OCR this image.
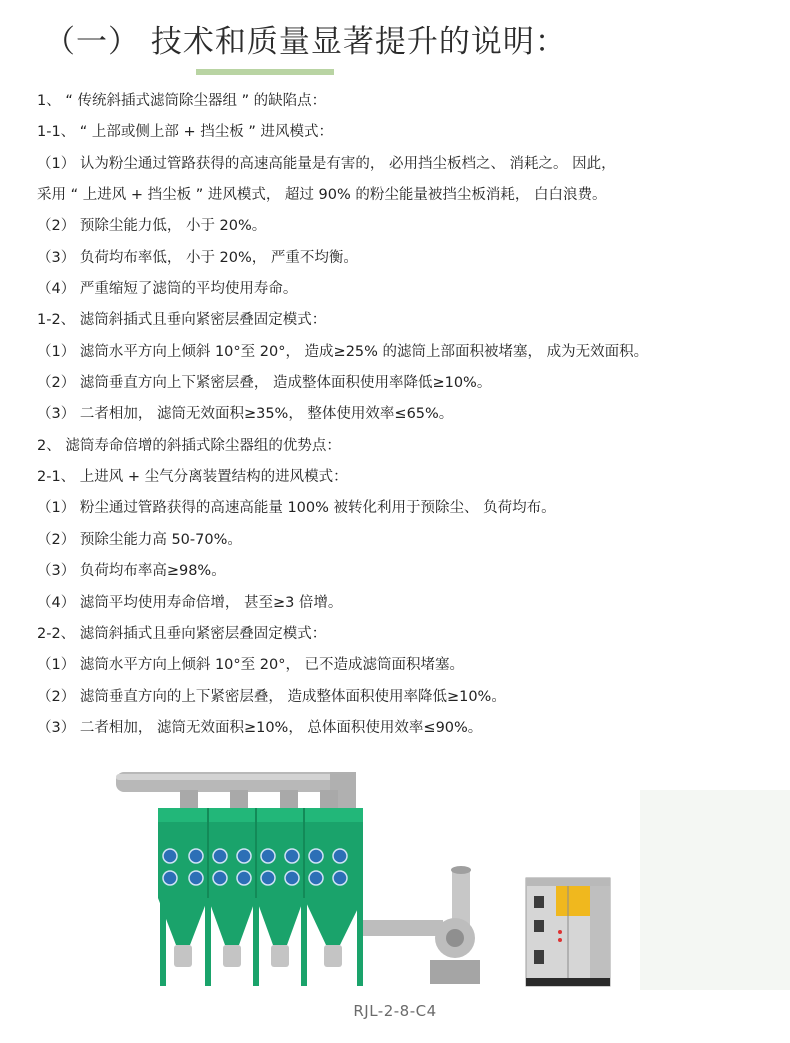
（一） 技术和质量显著提升的说明：
1、 “ 传统斜插式滤筒除尘器组 ” 的缺陷点：
1-1、 “ 上部或侧上部 + 挡尘板 ” 进风模式：
（1） 认为粉尘通过管路获得的高速高能量是有害的， 必用挡尘板档之、 消耗之。 因此，
采用 “ 上进风 + 挡尘板 ” 进风模式， 超过 90% 的粉尘能量被挡尘板消耗， 白白浪费。
（2） 预除尘能力低， 小于 20%。
（3） 负荷均布率低， 小于 20%， 严重不均衡。
（4） 严重缩短了滤筒的平均使用寿命。
1-2、 滤筒斜插式且垂向紧密层叠固定模式：
（1） 滤筒水平方向上倾斜 10°至 20°， 造成≥25% 的滤筒上部面积被堵塞， 成为无效面积。
（2） 滤筒垂直方向上下紧密层叠， 造成整体面积使用率降低≥10%。
（3） 二者相加， 滤筒无效面积≥35%， 整体使用效率≤65%。
2、 滤筒寿命倍增的斜插式除尘器组的优势点：
2-1、 上进风 + 尘气分离装置结构的进风模式：
（1） 粉尘通过管路获得的高速高能量 100% 被转化利用于预除尘、 负荷均布。
（2） 预除尘能力高 50-70%。
（3） 负荷均布率高≥98%。
（4） 滤筒平均使用寿命倍增， 甚至≥3 倍增。
2-2、 滤筒斜插式且垂向紧密层叠固定模式：
（1） 滤筒水平方向上倾斜 10°至 20°， 已不造成滤筒面积堵塞。
（2） 滤筒垂直方向的上下紧密层叠， 造成整体面积使用率降低≥10%。
（3） 二者相加， 滤筒无效面积≥10%， 总体面积使用效率≤90%。
RJL-2-8-C4
